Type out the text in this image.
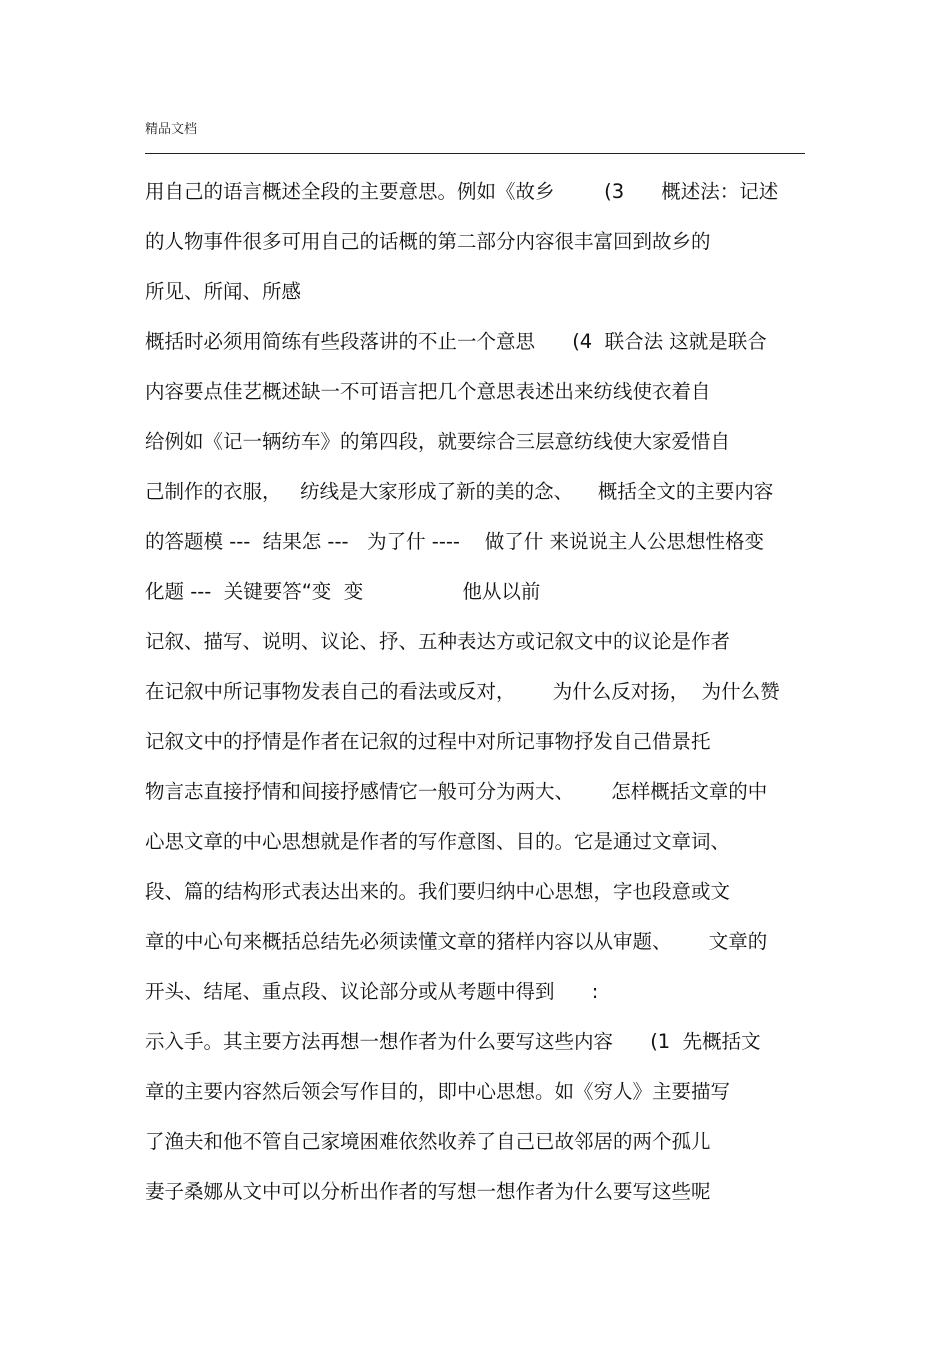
精品文档
用自己的语言概述全段的主要意思。例如《故乡        (3      概述法：记述
的人物事件很多可用自己的话概的第二部分内容很丰富回到故乡的
所见、所闻、所感
概括时必须用简练有些段落讲的不止一个意思      (4  联合法 这就是联合
内容要点佳艺概述缺一不可语言把几个意思表述出来纺线使衣着自
给例如《记一辆纺车》的第四段，就要综合三层意纺线使大家爱惜自
己制作的衣服，   纺线是大家形成了新的美的念、    概括全文的主要内容
的答题模 ---  结果怎 ---   为了什 ----    做了什 来说说主人公思想性格变
化题 ---  关键要答“变  变                他从以前
记叙、描写、说明、议论、抒、五种表达方或记叙文中的议论是作者
在记叙中所记事物发表自己的看法或反对，      为什么反对扬，  为什么赞
记叙文中的抒情是作者在记叙的过程中对所记事物抒发自己借景托
物言志直接抒情和间接抒感情它一般可分为两大、      怎样概括文章的中
心思文章的中心思想就是作者的写作意图、目的。它是通过文章词、
段、篇的结构形式表达出来的。我们要归纳中心思想，字也段意或文
章的中心句来概括总结先必须读懂文章的猪样内容以从审题、      文章的
开头、结尾、重点段、议论部分或从考题中得到      :
示入手。其主要方法再想一想作者为什么要写这些内容      (1  先概括文
章的主要内容然后领会写作目的，即中心思想。如《穷人》主要描写
了渔夫和他不管自己家境困难依然收养了自己已故邻居的两个孤儿
妻子桑娜从文中可以分析出作者的写想一想作者为什么要写这些呢
